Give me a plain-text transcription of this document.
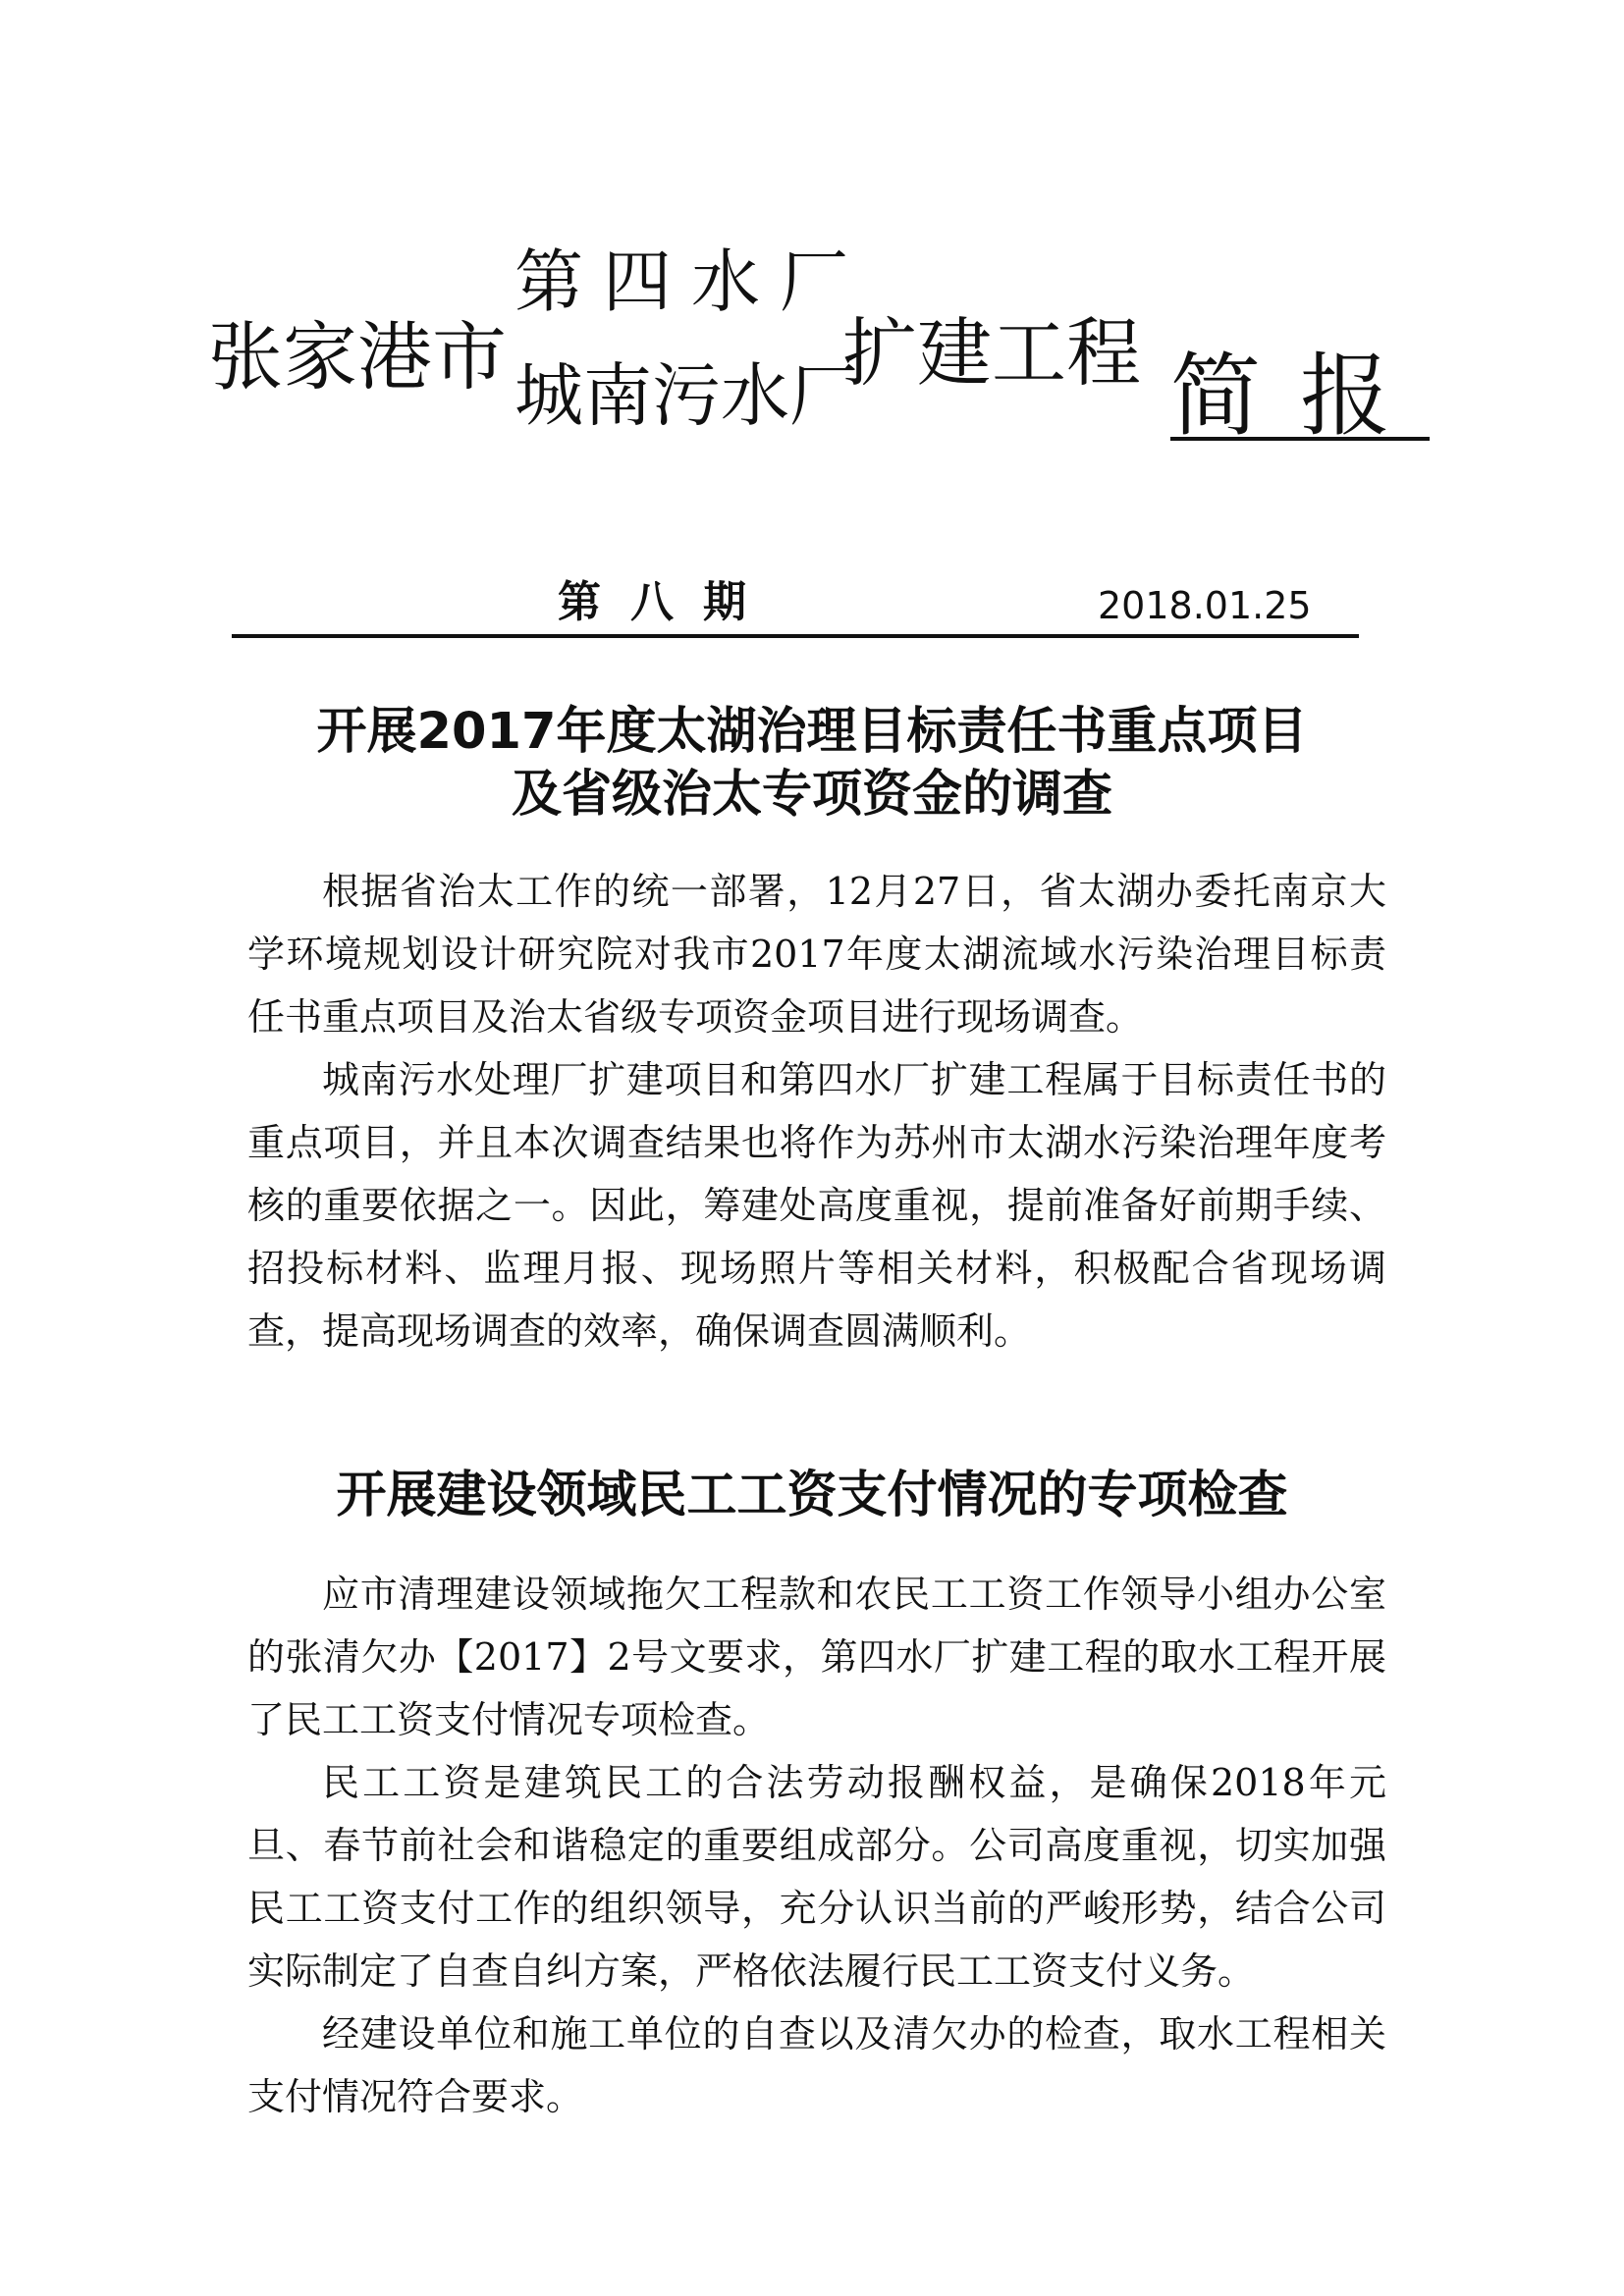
张家港市
第四水厂
城南污水厂
扩建工程 简报
第八期	2018.01.25
开展2017年度太湖治理目标责任书重点项目
及省级治太专项资金的调查

根据省治太工作的统一部署，12月27日，省太湖办委托南京大学环境规划设计研究院对我市2017年度太湖流域水污染治理目标责任书重点项目及治太省级专项资金项目进行现场调查。

城南污水处理厂扩建项目和第四水厂扩建工程属于目标责任书的重点项目，并且本次调查结果也将作为苏州市太湖水污染治理年度考核的重要依据之一。因此，筹建处高度重视，提前准备好前期手续、招投标材料、监理月报、现场照片等相关材料，积极配合省现场调查，提高现场调查的效率，确保调查圆满顺利。

开展建设领域民工工资支付情况的专项检查

应市清理建设领域拖欠工程款和农民工工资工作领导小组办公室的张清欠办【2017】2号文要求，第四水厂扩建工程的取水工程开展了民工工资支付情况专项检查。

民工工资是建筑民工的合法劳动报酬权益，是确保2018年元旦、春节前社会和谐稳定的重要组成部分。公司高度重视，切实加强民工工资支付工作的组织领导，充分认识当前的严峻形势，结合公司实际制定了自查自纠方案，严格依法履行民工工资支付义务。

经建设单位和施工单位的自查以及清欠办的检查，取水工程相关支付情况符合要求。
